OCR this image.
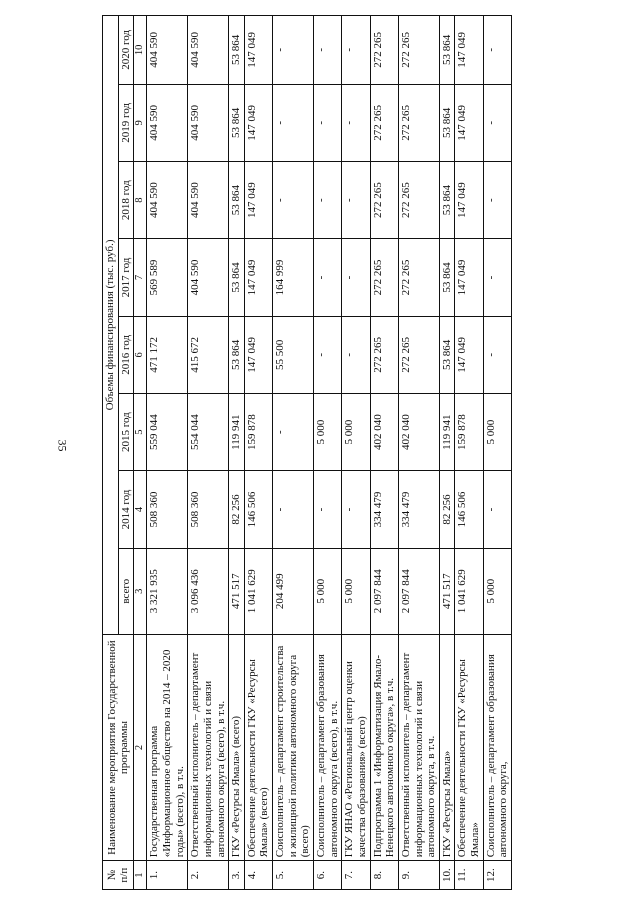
35
№ п/п	Наименование мероприятия Государственной программы	Объемы финансирования (тыс. руб.)							
		всего	2014 год	2015 год	2016 год	2017 год	2018 год	2019 год	2020 год
1	2	3	4	5	6	7	8	9	10
1.	Государственная программа «Информационное общество на 2014 – 2020 годы» (всего), в т.ч.	3 321 935	508 360	559 044	471 172	569 589	404 590	404 590	404 590
2.	Ответственный исполнитель – департамент информационных технологий и связи автономного округа (всего), в т.ч.	3 096 436	508 360	554 044	415 672	404 590	404 590	404 590	404 590
3.	ГКУ «Ресурсы Ямала» (всего)	471 517	82 256	119 941	53 864	53 864	53 864	53 864	53 864
4.	Обеспечение деятельности ГКУ «Ресурсы Ямала» (всего)	1 041 629	146 506	159 878	147 049	147 049	147 049	147 049	147 049
5.	Соисполнитель – департамент строительства и жилищной политики автономного округа (всего)	204 499	-	-	55 500	164 999	-	-	-
6.	Соисполнитель – департамент образования автономного округа (всего), в т.ч.	5 000	-	5 000	-	-	-	-	-
7.	ГКУ ЯНАО «Региональный центр оценки качества образования» (всего)	5 000	-	5 000	-	-	-	-	-
8.	Подпрограмма 1 «Информатизация Ямало-Ненецкого автономного округа», в т.ч.	2 097 844	334 479	402 040	272 265	272 265	272 265	272 265	272 265
9.	Ответственный исполнитель – департамент информационных технологий и связи автономного округа, в т.ч.	2 097 844	334 479	402 040	272 265	272 265	272 265	272 265	272 265
10.	ГКУ «Ресурсы Ямала»	471 517	82 256	119 941	53 864	53 864	53 864	53 864	53 864
11.	Обеспечение деятельности ГКУ «Ресурсы Ямала»	1 041 629	146 506	159 878	147 049	147 049	147 049	147 049	147 049
12.	Соисполнитель – департамент образования автономного округа,	5 000	-	5 000	-	-	-	-	-
